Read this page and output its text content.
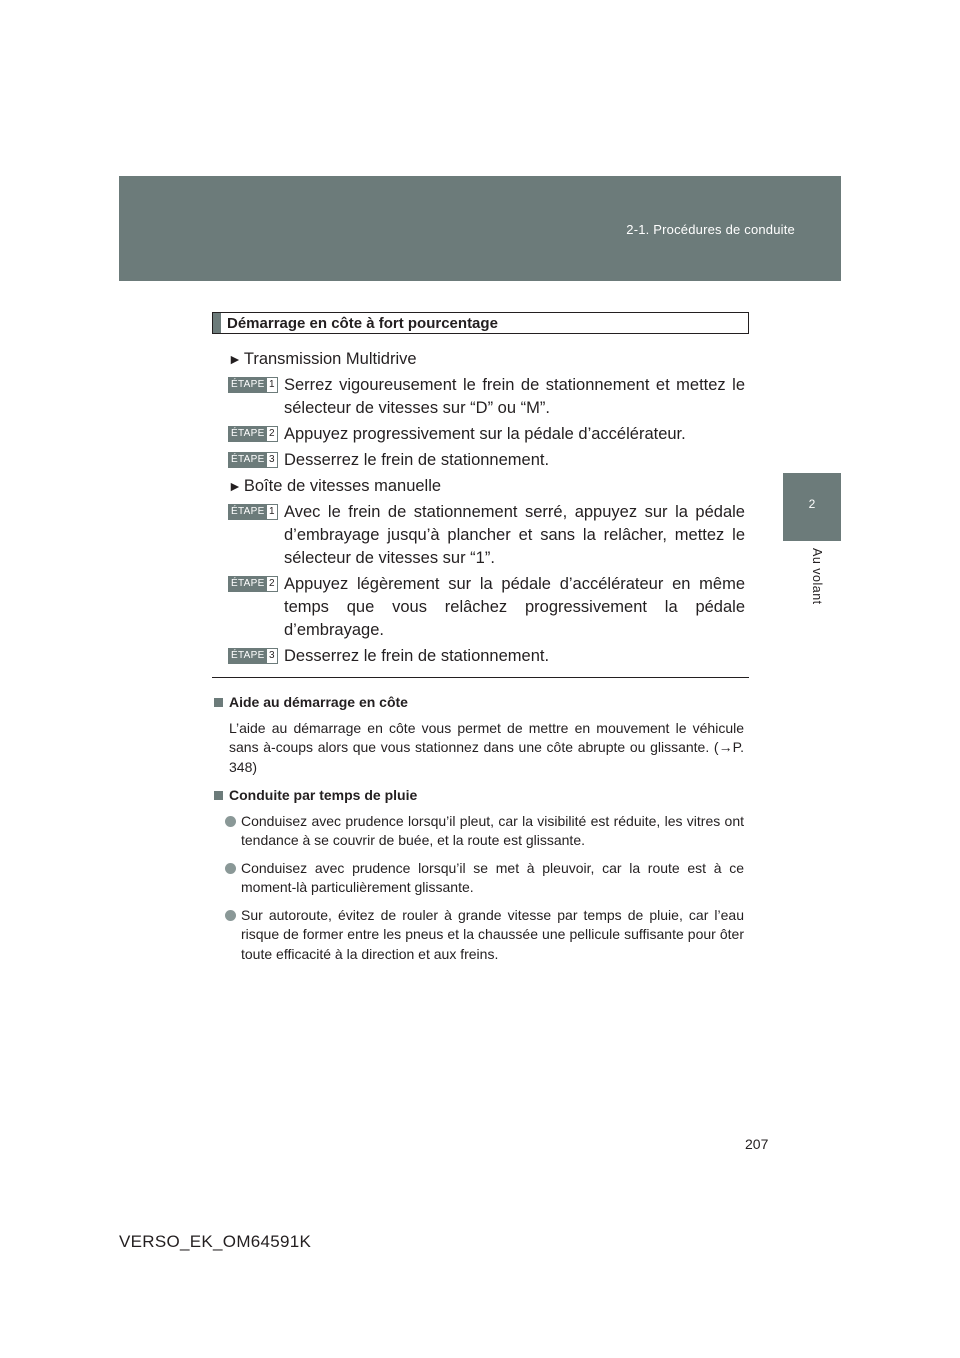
2-1. Procédures de conduite
2
Au volant
Démarrage en côte à fort pourcentage
► Transmission Multidrive
ÉTAPE 1 Serrez vigoureusement le frein de stationnement et mettez le sélecteur de vitesses sur “D” ou “M”.
ÉTAPE 2 Appuyez progressivement sur la pédale d’accélérateur.
ÉTAPE 3 Desserrez le frein de stationnement.
► Boîte de vitesses manuelle
ÉTAPE 1 Avec le frein de stationnement serré, appuyez sur la pédale d’embrayage jusqu’à plancher et sans la relâcher, mettez le sélecteur de vitesses sur “1”.
ÉTAPE 2 Appuyez légèrement sur la pédale d’accélérateur en même temps que vous relâchez progressivement la pédale d’embrayage.
ÉTAPE 3 Desserrez le frein de stationnement.
Aide au démarrage en côte
L’aide au démarrage en côte vous permet de mettre en mouvement le véhicule sans à-coups alors que vous stationnez dans une côte abrupte ou glissante. (→P. 348)
Conduite par temps de pluie
Conduisez avec prudence lorsqu’il pleut, car la visibilité est réduite, les vitres ont tendance à se couvrir de buée, et la route est glissante.
Conduisez avec prudence lorsqu’il se met à pleuvoir, car la route est à ce moment-là particulièrement glissante.
Sur autoroute, évitez de rouler à grande vitesse par temps de pluie, car l’eau risque de former entre les pneus et la chaussée une pellicule suffisante pour ôter toute efficacité à la direction et aux freins.
207
VERSO_EK_OM64591K
